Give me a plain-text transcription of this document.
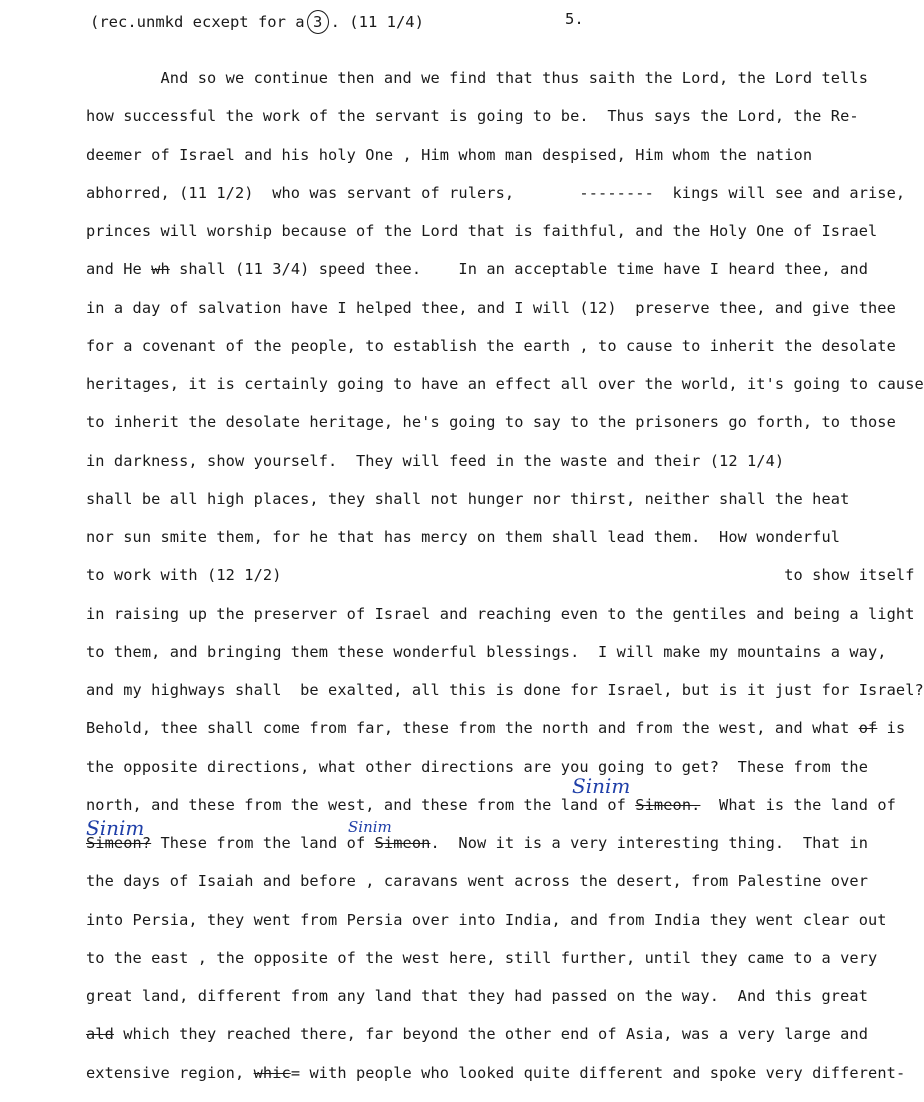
(rec.unmkd ecxept for a 3 . (11 1/4)	5.
And so we continue then and we find that thus saith the Lord, the Lord tells
how successful the work of the servant is going to be.  Thus says the Lord, the Re-
deemer of Israel and his holy One , Him whom man despised, Him whom the nation
abhorred, (11 1/2)  who was servant of rulers,       --------  kings will see and arise,
princes will worship because of the Lord that is faithful, and the Holy One of Israel
and He wh shall (11 3/4) speed thee.    In an acceptable time have I heard thee, and
in a day of salvation have I helped thee, and I will (12)  preserve thee, and give thee
for a covenant of the people, to establish the earth , to cause to inherit the desolate
heritages, it is certainly going to have an effect all over the world, it's going to cause
to inherit the desolate heritage, he's going to say to the prisoners go forth, to those
in darkness, show yourself.  They will feed in the waste and their (12 1/4)
shall be all high places, they shall not hunger nor thirst, neither shall the heat
nor sun smite them, for he that has mercy on them shall lead them.  How wonderful
to work with (12 1/2)                                                      to show itself
in raising up the preserver of Israel and reaching even to the gentiles and being a light
to them, and bringing them these wonderful blessings.  I will make my mountains a way,
and my highways shall  be exalted, all this is done for Israel, but is it just for Israel?
Behold, thee shall come from far, these from the north and from the west, and what of is
the opposite directions, what other directions are you going to get?  These from the
north, and these from the west, and these from the land of Simeon.  What is the land of
Sinim
Simeon? These from the land of Simeon.  Now it is a very interesting thing.  That in
Sinim	Sinim
the days of Isaiah and before , caravans went across the desert, from Palestine over
into Persia, they went from Persia over into India, and from India they went clear out
to the east , the opposite of the west here, still further, until they came to a very
great land, different from any land that they had passed on the way.  And this great
ald which they reached there, far beyond the other end of Asia, was a very large and
extensive region, whic= with people who looked quite different and spoke very different-
